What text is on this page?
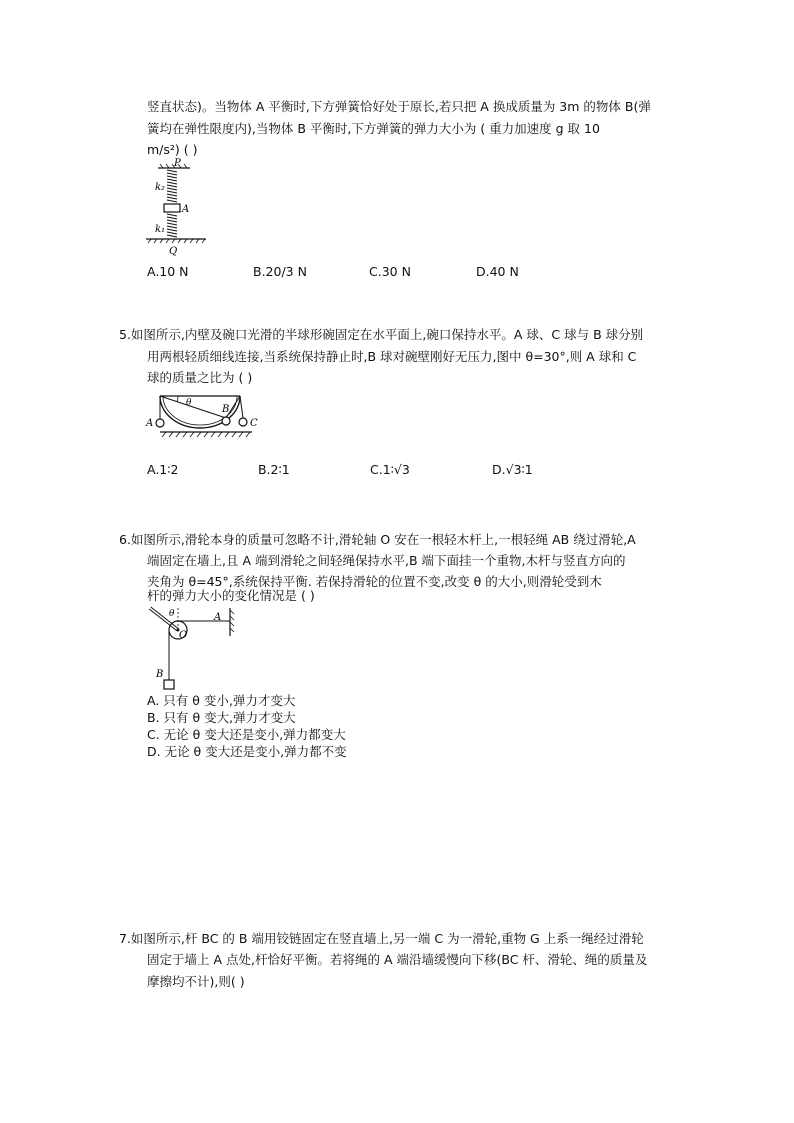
竖直状态)。当物体 A 平衡时,下方弹簧恰好处于原长,若只把 A 换成质量为 3m 的物体 B(弹
簧均在弹性限度内),当物体 B 平衡时,下方弹簧的弹力大小为 ( 重力加速度 g 取 10
m/s²) ( )
P
k₂
A
k₁
Q
A.10 N	B.20/3 N	C.30 N	D.40 N
5.如图所示,内壁及碗口光滑的半球形碗固定在水平面上,碗口保持水平。A 球、C 球与 B 球分别
用两根轻质细线连接,当系统保持静止时,B 球对碗壁刚好无压力,图中 θ=30°,则 A 球和 C
球的质量之比为 ( )
θ
A
B
C
A.1∶2	B.2∶1	C.1∶√3	D.√3∶1
6.如图所示,滑轮本身的质量可忽略不计,滑轮轴 O 安在一根轻木杆上,一根轻绳 AB 绕过滑轮,A
端固定在墙上,且 A 端到滑轮之间轻绳保持水平,B 端下面挂一个重物,木杆与竖直方向的
夹角为 θ=45°,系统保持平衡. 若保持滑轮的位置不变,改变 θ 的大小,则滑轮受到木
杆的弹力大小的变化情况是 ( )
θ
O
A
B
A. 只有 θ 变小,弹力才变大
B. 只有 θ 变大,弹力才变大
C. 无论 θ 变大还是变小,弹力都变大
D. 无论 θ 变大还是变小,弹力都不变
7.如图所示,杆 BC 的 B 端用铰链固定在竖直墙上,另一端 C 为一滑轮,重物 G 上系一绳经过滑轮
固定于墙上 A 点处,杆恰好平衡。若将绳的 A 端沿墙缓慢向下移(BC 杆、滑轮、绳的质量及
摩擦均不计),则( )
